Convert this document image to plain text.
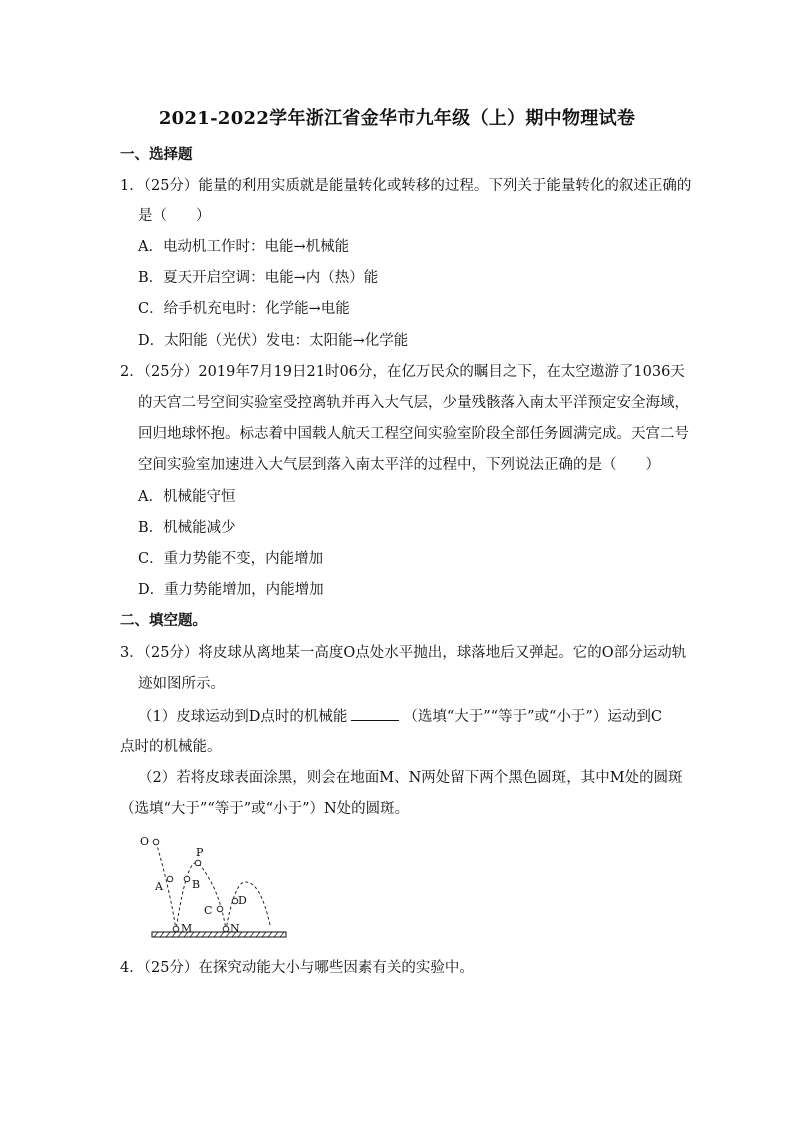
2021-2022学年浙江省金华市九年级（上）期中物理试卷
一、选择题
1．（25分）能量的利用实质就是能量转化或转移的过程。下列关于能量转化的叙述正确的
是（　　）
A．电动机工作时：电能→机械能
B．夏天开启空调：电能→内（热）能
C．给手机充电时：化学能→电能
D．太阳能（光伏）发电：太阳能→化学能
2．（25分）2019年7月19日21时06分，在亿万民众的瞩目之下，在太空遨游了1036天
的天宫二号空间实验室受控离轨并再入大气层，少量残骸落入南太平洋预定安全海域，
回归地球怀抱。标志着中国载人航天工程空间实验室阶段全部任务圆满完成。天宫二号
空间实验室加速进入大气层到落入南太平洋的过程中，下列说法正确的是（　　）
A．机械能守恒
B．机械能减少
C．重力势能不变，内能增加
D．重力势能增加，内能增加
二、填空题。
3．（25分）将皮球从离地某一高度O点处水平抛出，球落地后又弹起。它的O部分运动轨
迹如图所示。
（1）皮球运动到D点时的机械能	（选填“大于”“等于”或“小于”）运动到C
点时的机械能。
（2）若将皮球表面涂黑，则会在地面M、N两处留下两个黑色圆斑，其中M处的圆斑
（选填“大于”“等于”或“小于”）N处的圆斑。
O
P
A	B
C
D
M	N
4．（25分）在探究动能大小与哪些因素有关的实验中。
